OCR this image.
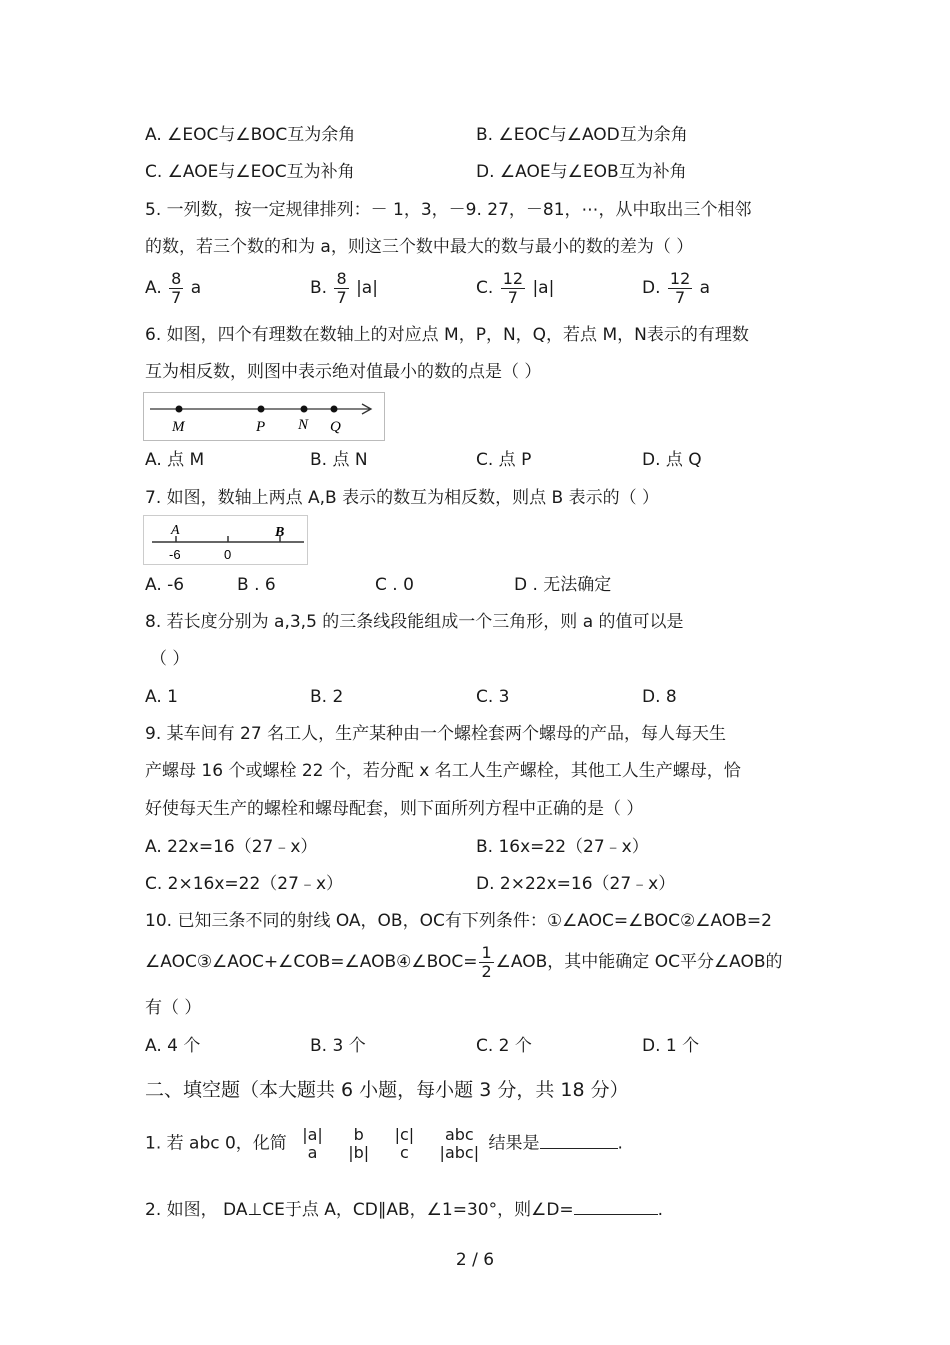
A. ∠EOC与∠BOC互为余角	B. ∠EOC与∠AOD互为余角
C. ∠AOE与∠EOC互为补角	D. ∠AOE与∠EOB互为补角
5. 一列数，按一定规律排列：－ 1，3，－9. 27，－81，⋯，从中取出三个相邻
的数，若三个数的和为 a，则这三个数中最大的数与最小的数的差为（ ）
A. $\frac{8}{7}$ a	B. $\frac{8}{7} |a|$	C. $\frac{12}{7} |a|$	D. $\frac{12}{7}$ a
6. 如图，四个有理数在数轴上的对应点 M，P，N，Q，若点 M，N表示的有理数
互为相反数，则图中表示绝对值最小的数的点是（ ）
M	P N Q
A. 点 M	B. 点 N	C. 点 P	D. 点 Q
7. 如图，数轴上两点 A,B 表示的数互为相反数，则点 B 表示的（ ）
A	B
-6	0
A. -6	B . 6	C . 0	D . 无法确定
8. 若长度分别为 a,3,5 的三条线段能组成一个三角形，则 a 的值可以是
（ ）
A. 1	B. 2	C. 3	D. 8
9. 某车间有 27 名工人，生产某种由一个螺栓套两个螺母的产品，每人每天生
产螺母 16 个或螺栓 22 个，若分配 x 名工人生产螺栓，其他工人生产螺母，恰
好使每天生产的螺栓和螺母配套，则下面所列方程中正确的是（ ）
A. 22x=16（27﹣x）	B. 16x=22（27﹣x）
C. 2×16x=22（27﹣x）	D. 2×22x=16（27﹣x）
10. 已知三条不同的射线 OA，OB，OC有下列条件：①∠AOC=∠BOC②∠AOB=2
∠AOC③∠AOC+∠COB=∠AOB④∠BOC= $\frac{1}{2}$ ∠AOB，其中能确定 OC平分∠AOB的
有（ ）
A. 4 个	B. 3 个	C. 2 个	D. 1 个
二、填空题（本大题共 6 小题，每小题 3 分，共 18 分）
1. 若 abc 0，化简 |a|
a

b
|b|

|c|
c

abc
|abc| 结果是	.
2. 如图， DA⊥CE于点 A，CD∥AB，∠1=30°，则∠D=	.
2 / 6
